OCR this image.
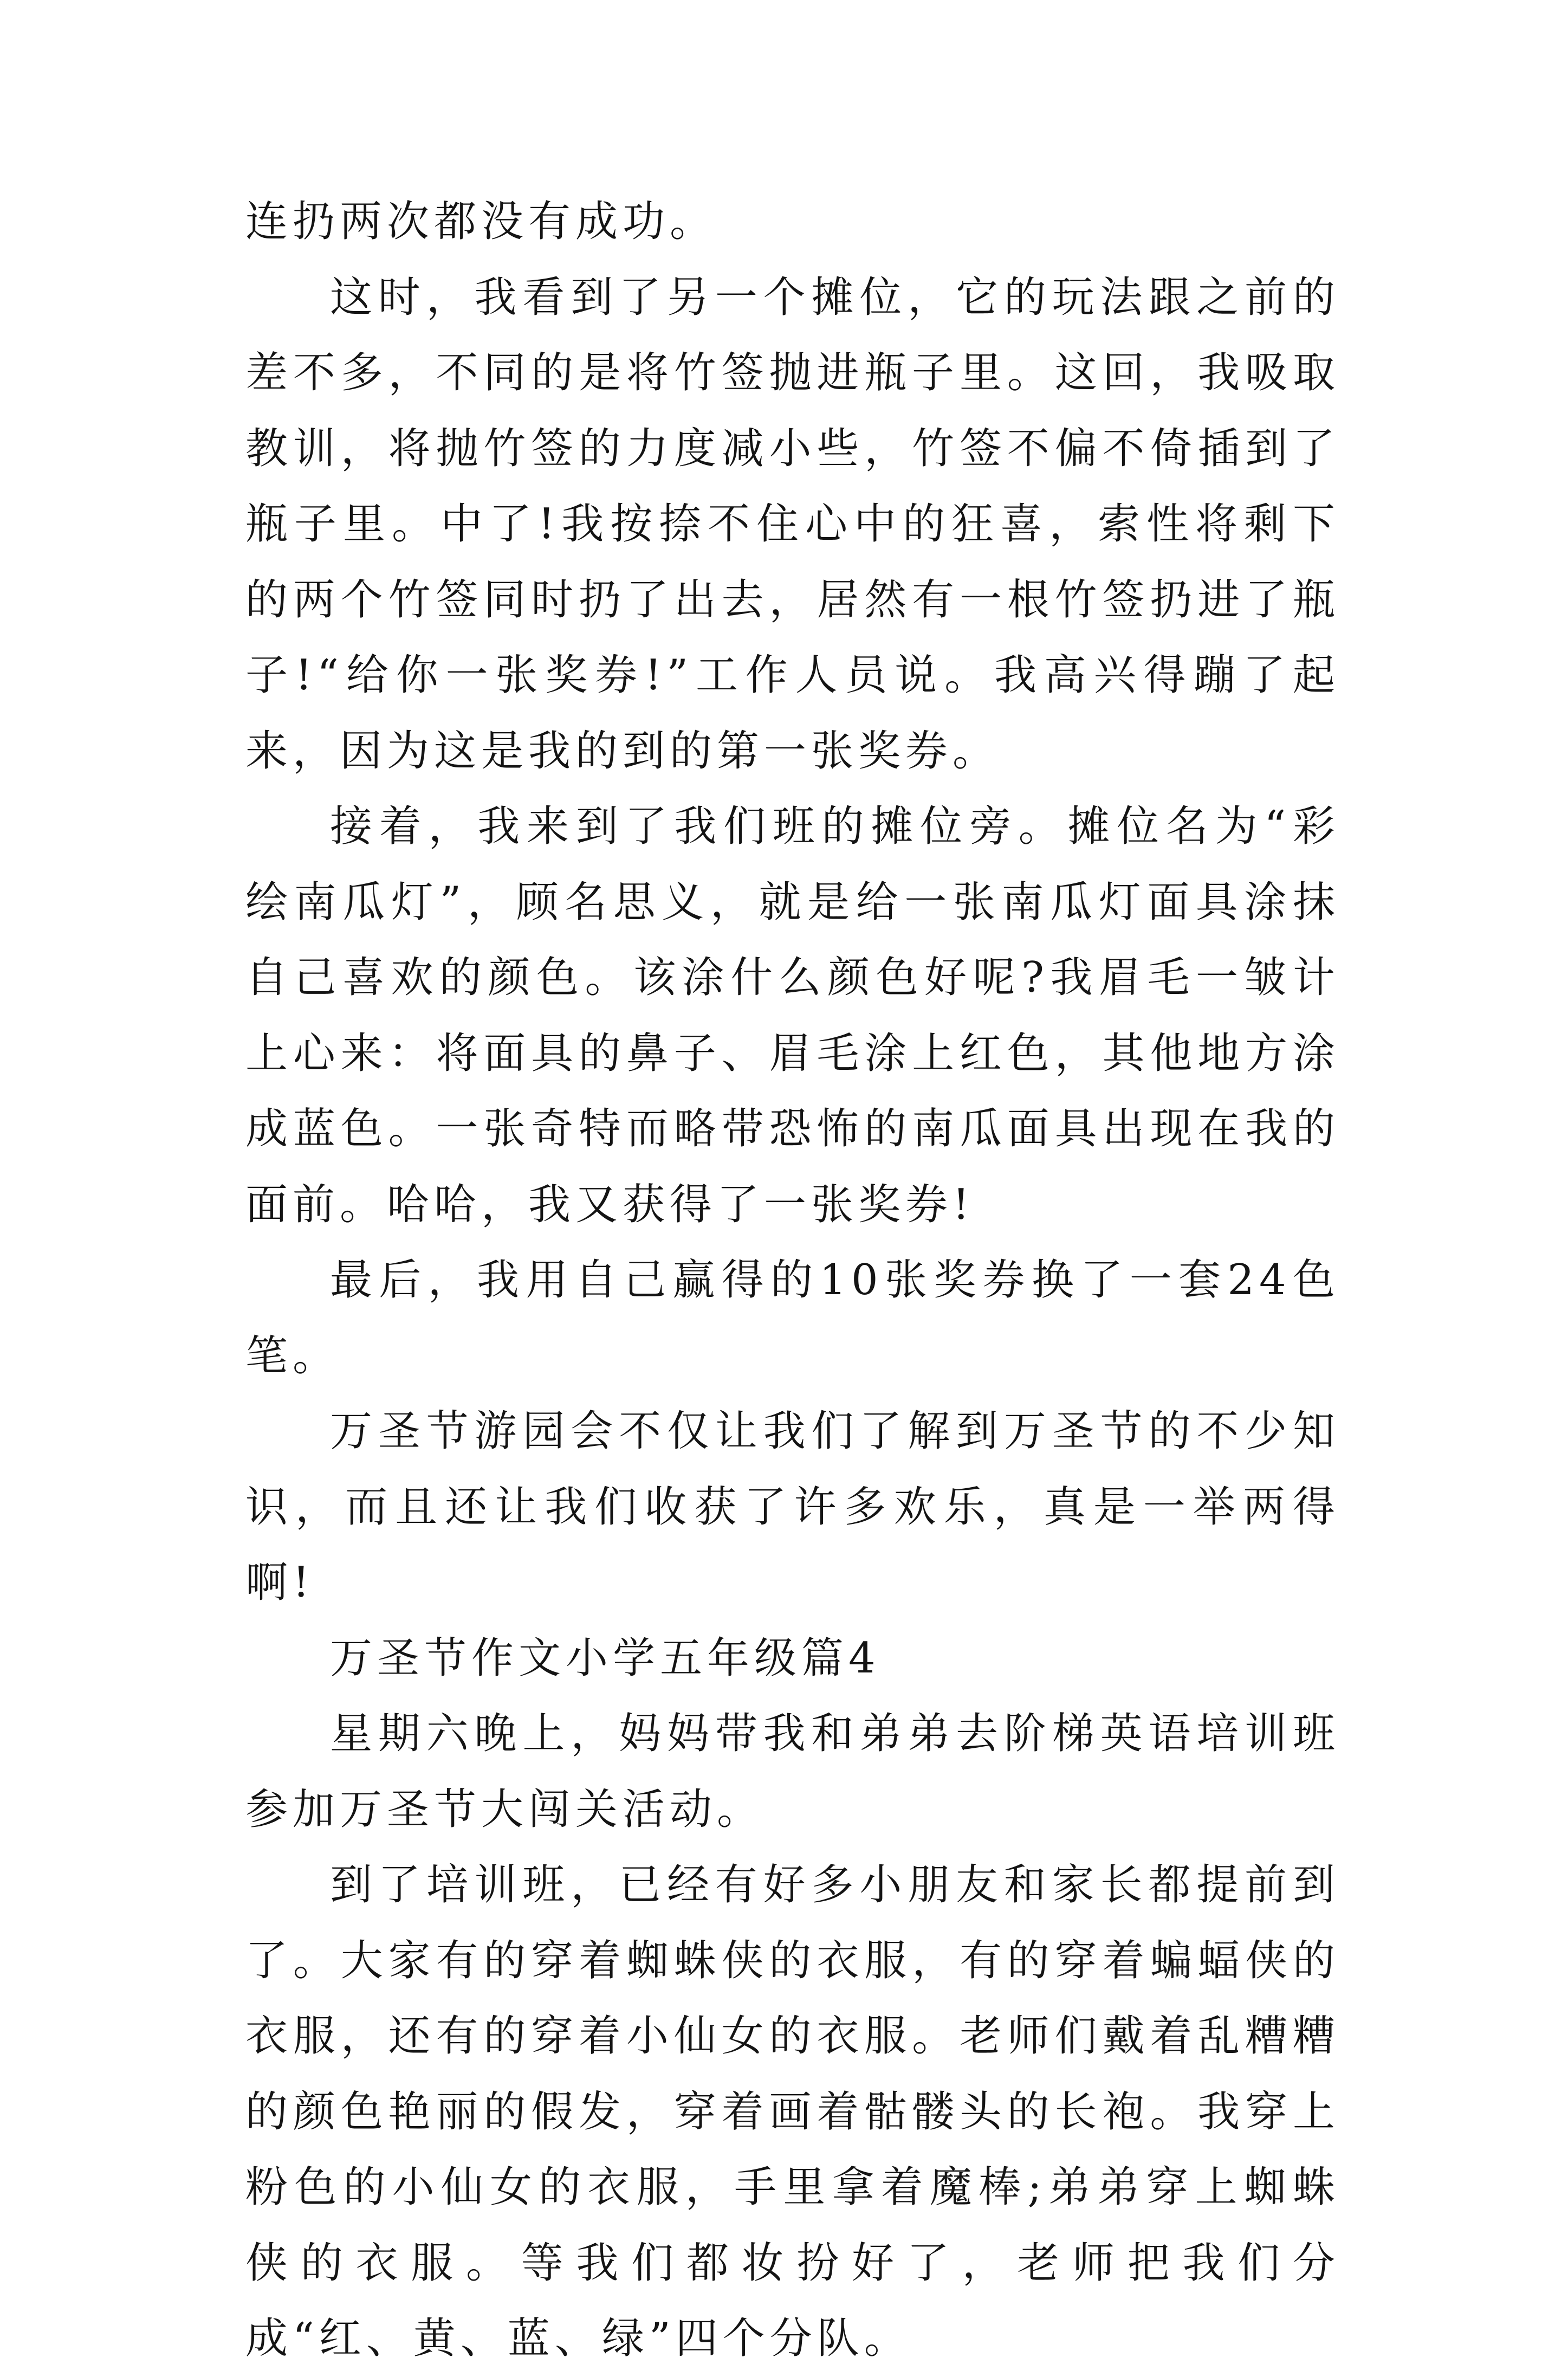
连扔两次都没有成功。

这时，我看到了另一个摊位，它的玩法跟之前的差不多，不同的是将竹签抛进瓶子里。这回，我吸取教训，将抛竹签的力度减小些，竹签不偏不倚插到了瓶子里。中了!我按捺不住心中的狂喜，索性将剩下的两个竹签同时扔了出去，居然有一根竹签扔进了瓶子!“给你一张奖券!”工作人员说。我高兴得蹦了起来，因为这是我的到的第一张奖券。

接着，我来到了我们班的摊位旁。摊位名为“彩绘南瓜灯”，顾名思义，就是给一张南瓜灯面具涂抹自己喜欢的颜色。该涂什么颜色好呢?我眉毛一皱计上心来：将面具的鼻子、眉毛涂上红色，其他地方涂成蓝色。一张奇特而略带恐怖的南瓜面具出现在我的面前。哈哈，我又获得了一张奖券!

最后，我用自己赢得的10张奖券换了一套24色笔。

万圣节游园会不仅让我们了解到万圣节的不少知识，而且还让我们收获了许多欢乐，真是一举两得啊!

万圣节作文小学五年级篇4

星期六晚上，妈妈带我和弟弟去阶梯英语培训班参加万圣节大闯关活动。

到了培训班，已经有好多小朋友和家长都提前到了。大家有的穿着蜘蛛侠的衣服，有的穿着蝙蝠侠的衣服，还有的穿着小仙女的衣服。老师们戴着乱糟糟的颜色艳丽的假发，穿着画着骷髅头的长袍。我穿上粉色的小仙女的衣服，手里拿着魔棒;弟弟穿上蜘蛛侠的衣服。等我们都妆扮好了，老师把我们分成“红、黄、蓝、绿”四个分队。
